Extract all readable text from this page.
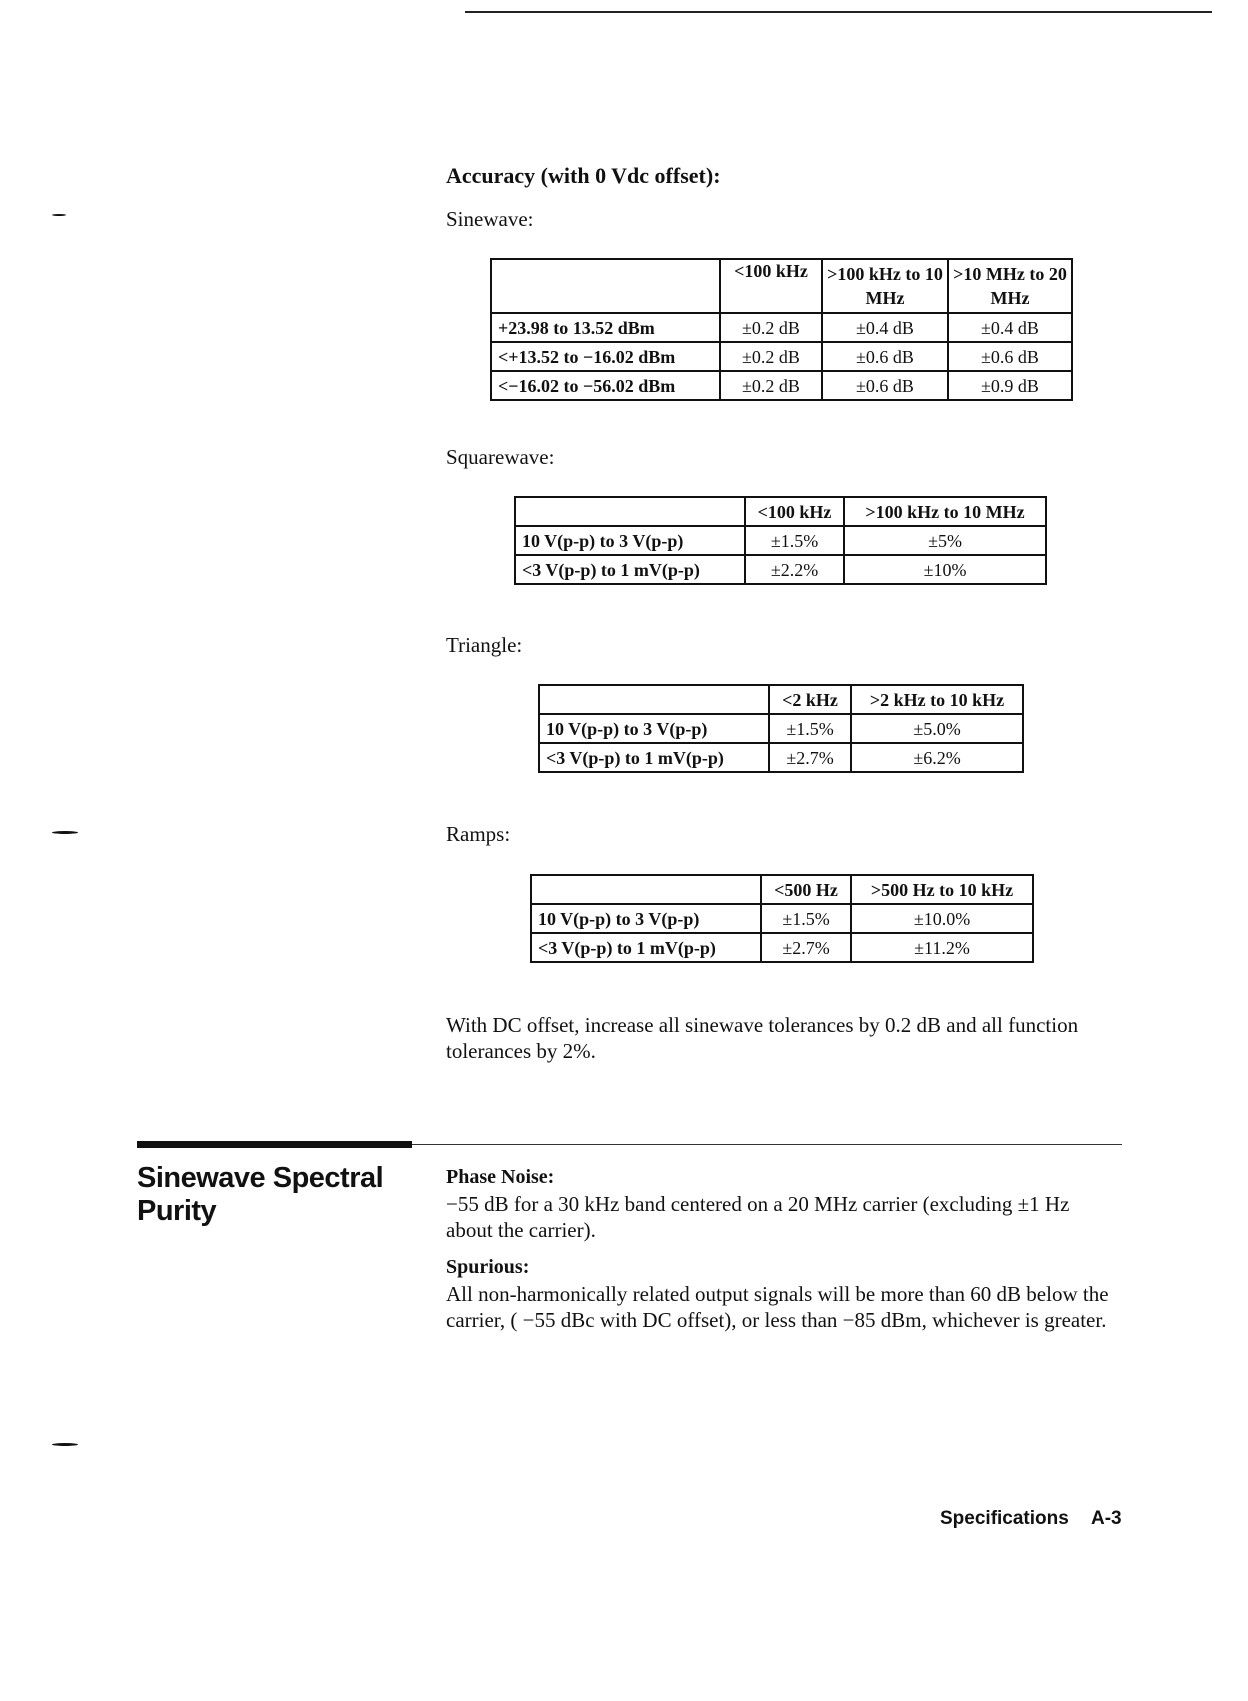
Accuracy (with 0 Vdc offset):
Sinewave:
	<100 kHz	>100 kHz to 10 MHz	>10 MHz to 20 MHz
+23.98 to 13.52 dBm	±0.2 dB	±0.4 dB	±0.4 dB
<+13.52 to −16.02 dBm	±0.2 dB	±0.6 dB	±0.6 dB
<−16.02 to −56.02 dBm	±0.2 dB	±0.6 dB	±0.9 dB
Squarewave:
	<100 kHz	>100 kHz to 10 MHz
10 V(p-p) to 3 V(p-p)	±1.5%	±5%
<3 V(p-p) to 1 mV(p-p)	±2.2%	±10%
Triangle:
	<2 kHz	>2 kHz to 10 kHz
10 V(p-p) to 3 V(p-p)	±1.5%	±5.0%
<3 V(p-p) to 1 mV(p-p)	±2.7%	±6.2%
Ramps:
	<500 Hz	>500 Hz to 10 kHz
10 V(p-p) to 3 V(p-p)	±1.5%	±10.0%
<3 V(p-p) to 1 mV(p-p)	±2.7%	±11.2%
With DC offset, increase all sinewave tolerances by 0.2 dB and all function tolerances by 2%.
Sinewave Spectral Purity
Phase Noise:
−55 dB for a 30 kHz band centered on a 20 MHz carrier (excluding ±1 Hz about the carrier).
Spurious:
All non-harmonically related output signals will be more than 60 dB below the carrier, ( −55 dBc with DC offset), or less than −85 dBm, whichever is greater.
Specifications A-3
